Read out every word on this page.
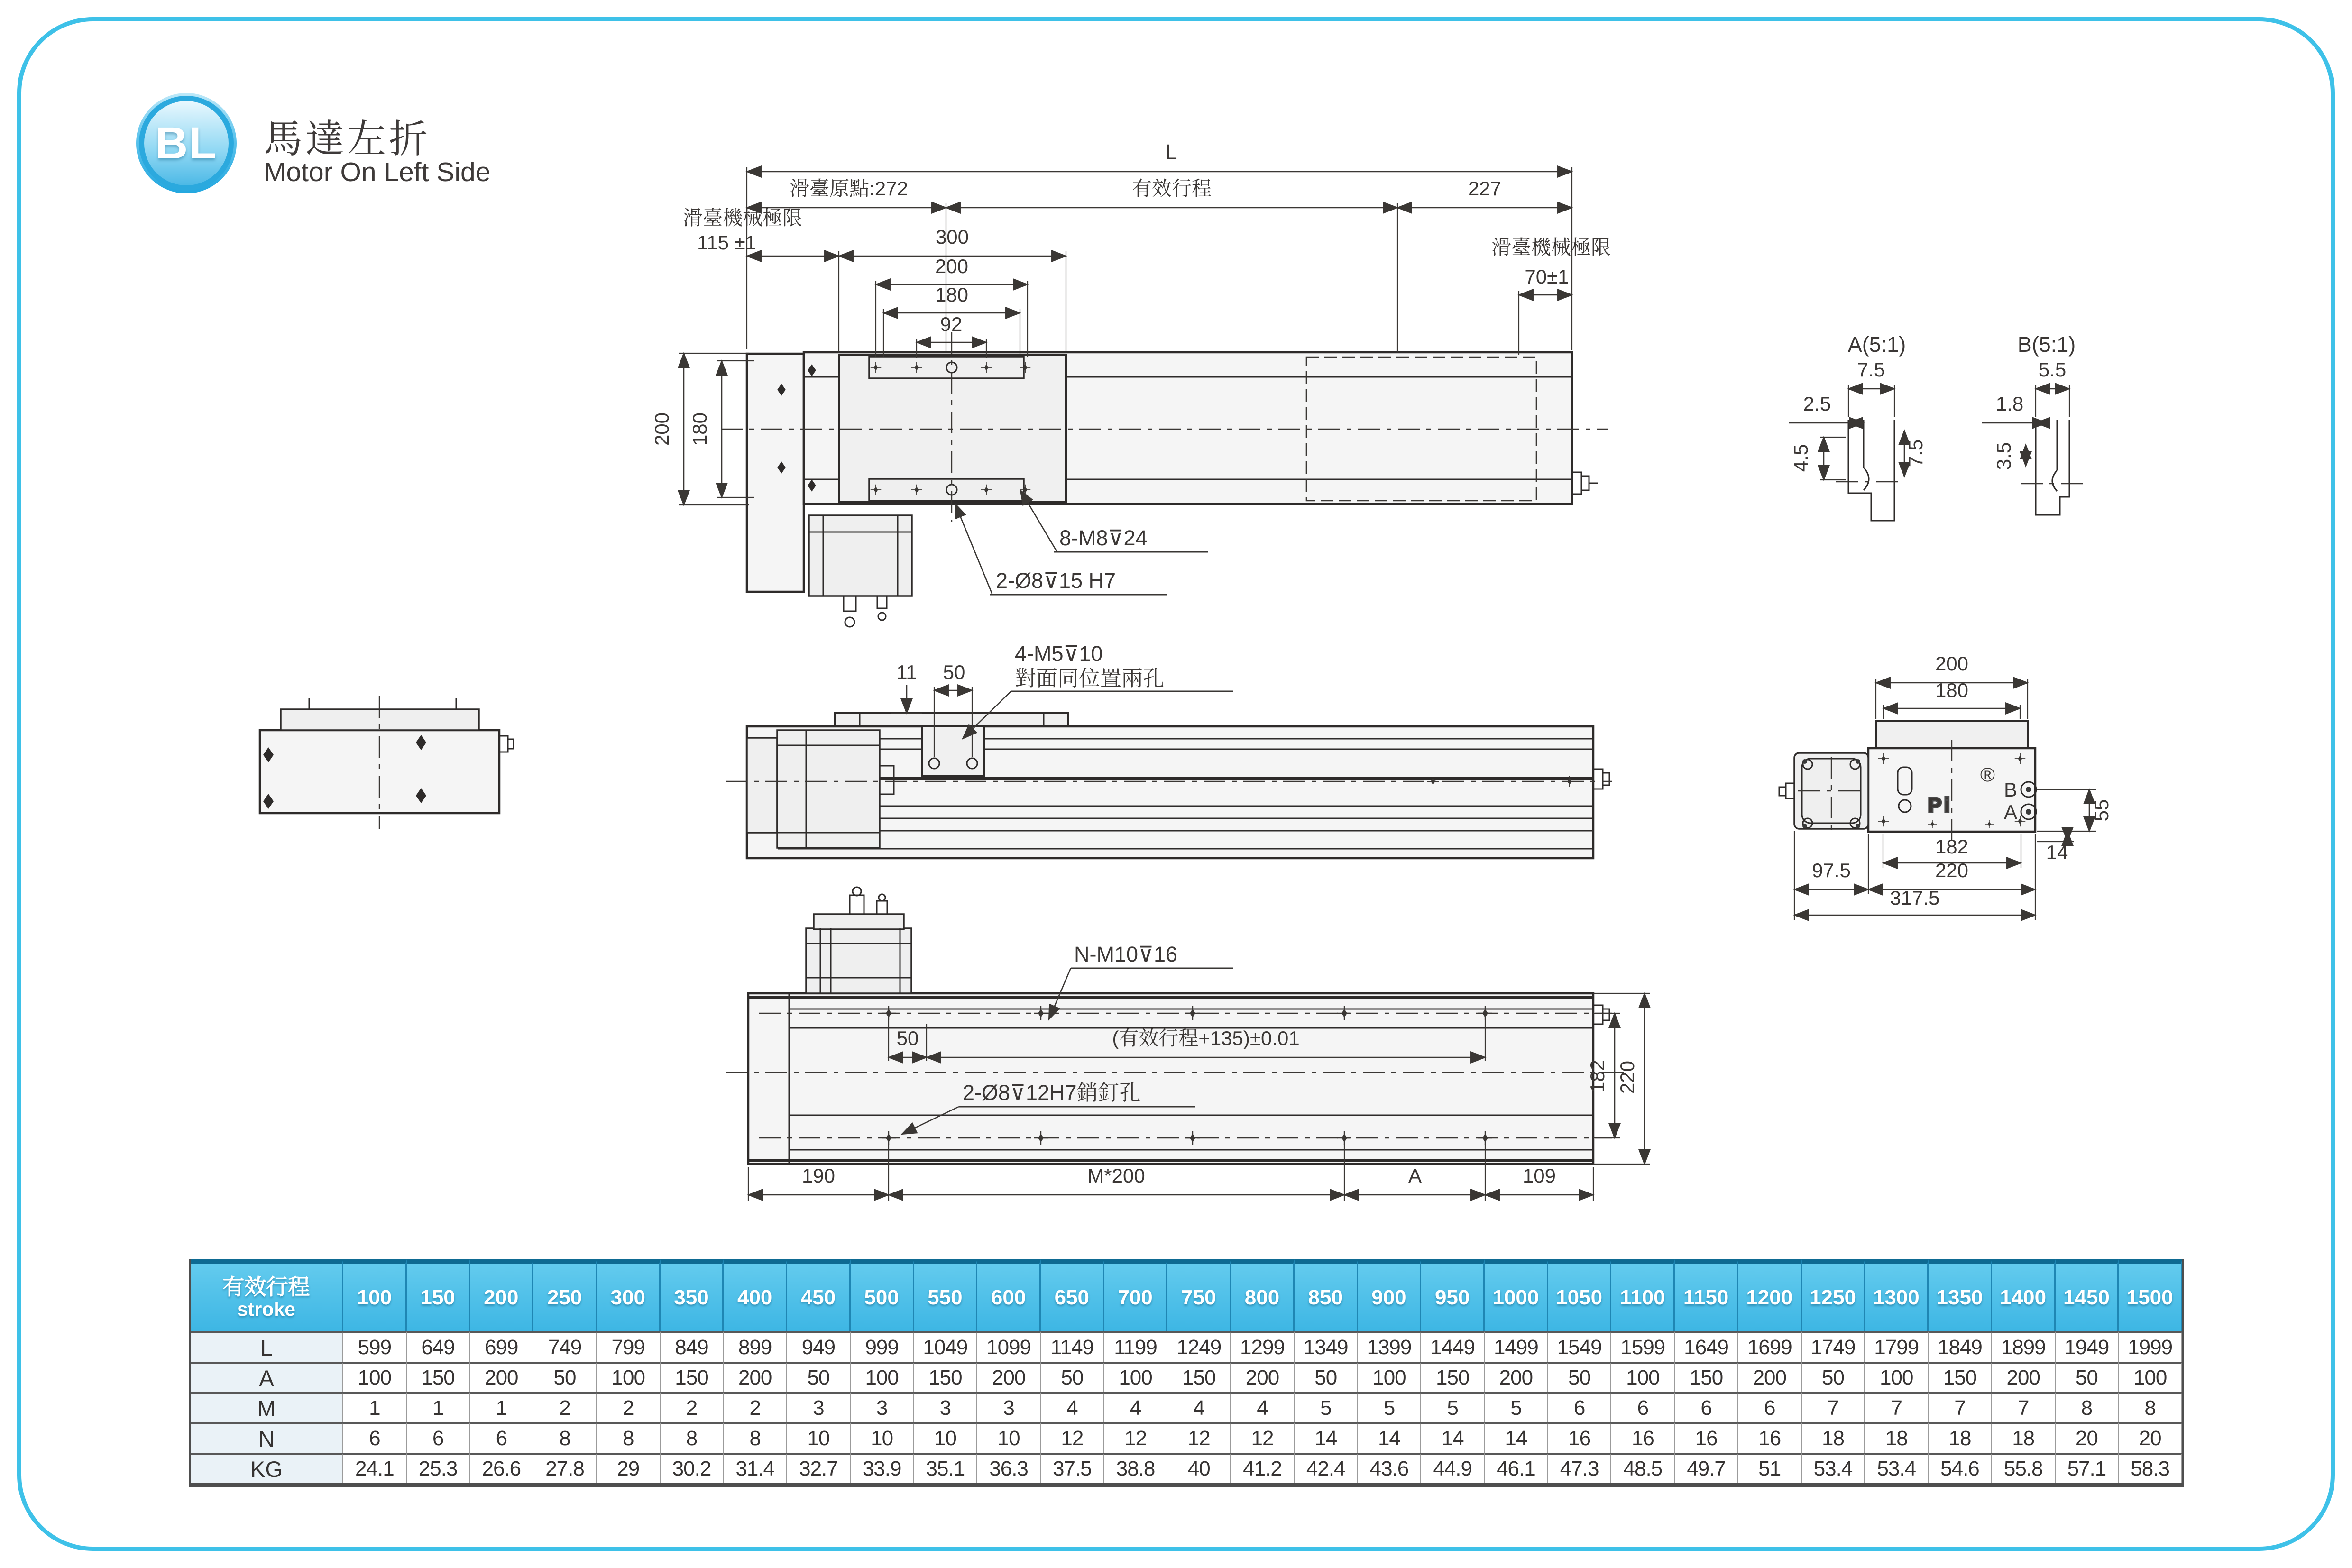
BL 馬達左折
Motor On Left Side
L
滑臺原點:272	有效行程	227
滑臺機械極限
115 ±1	300
200
180
92
滑臺機械極限
70±1
200 180
8-M8⊽24
2-Ø8⊽15 H7
A(5:1)
7.5
2.5
4.5	7.5
B(5:1)
5.5
1.8
3.5
11 50
4-M5⊽10
對面同位置兩孔
50	(有效行程+135)±0.01
N-M10⊽16
2-Ø8⊽12H7銷釘孔	182 220
190	M*200	A	109
Pi
®
B
A
200
180
55
14
182
97.5	220
317.5
有效行程
stroke
100	150	200	250	300	350	400	450	500	550	600	650	700	750	800	850	900	950	1000 1050 1100 1150 1200 1250 1300 1350 1400 1450 1500
L	599	649	699	749	799	849	899	949	999	1049 1099 1149 1199 1249 1299 1349 1399 1449 1499 1549 1599 1649 1699 1749 1799 1849 1899 1949 1999
A	100	150	200	50	100	150	200	50	100	150	200	50	100	150	200	50	100	150	200	50	100	150	200	50	100	150	200	50	100
M	1	1	1	2	2	2	2	3	3	3	3	4	4	4	4	5	5	5	5	6	6	6	6	7	7	7	7	8	8
N	6	6	6	8	8	8	8	10	10	10	10	12	12	12	12	14	14	14	14	16	16	16	16	18	18	18	18	20	20
KG	24.1	25.3	26.6	27.8	29	30.2	31.4	32.7	33.9	35.1	36.3	37.5	38.8	40	41.2	42.4	43.6	44.9	46.1	47.3	48.5	49.7	51	53.4	53.4	54.6	55.8	57.1	58.3
